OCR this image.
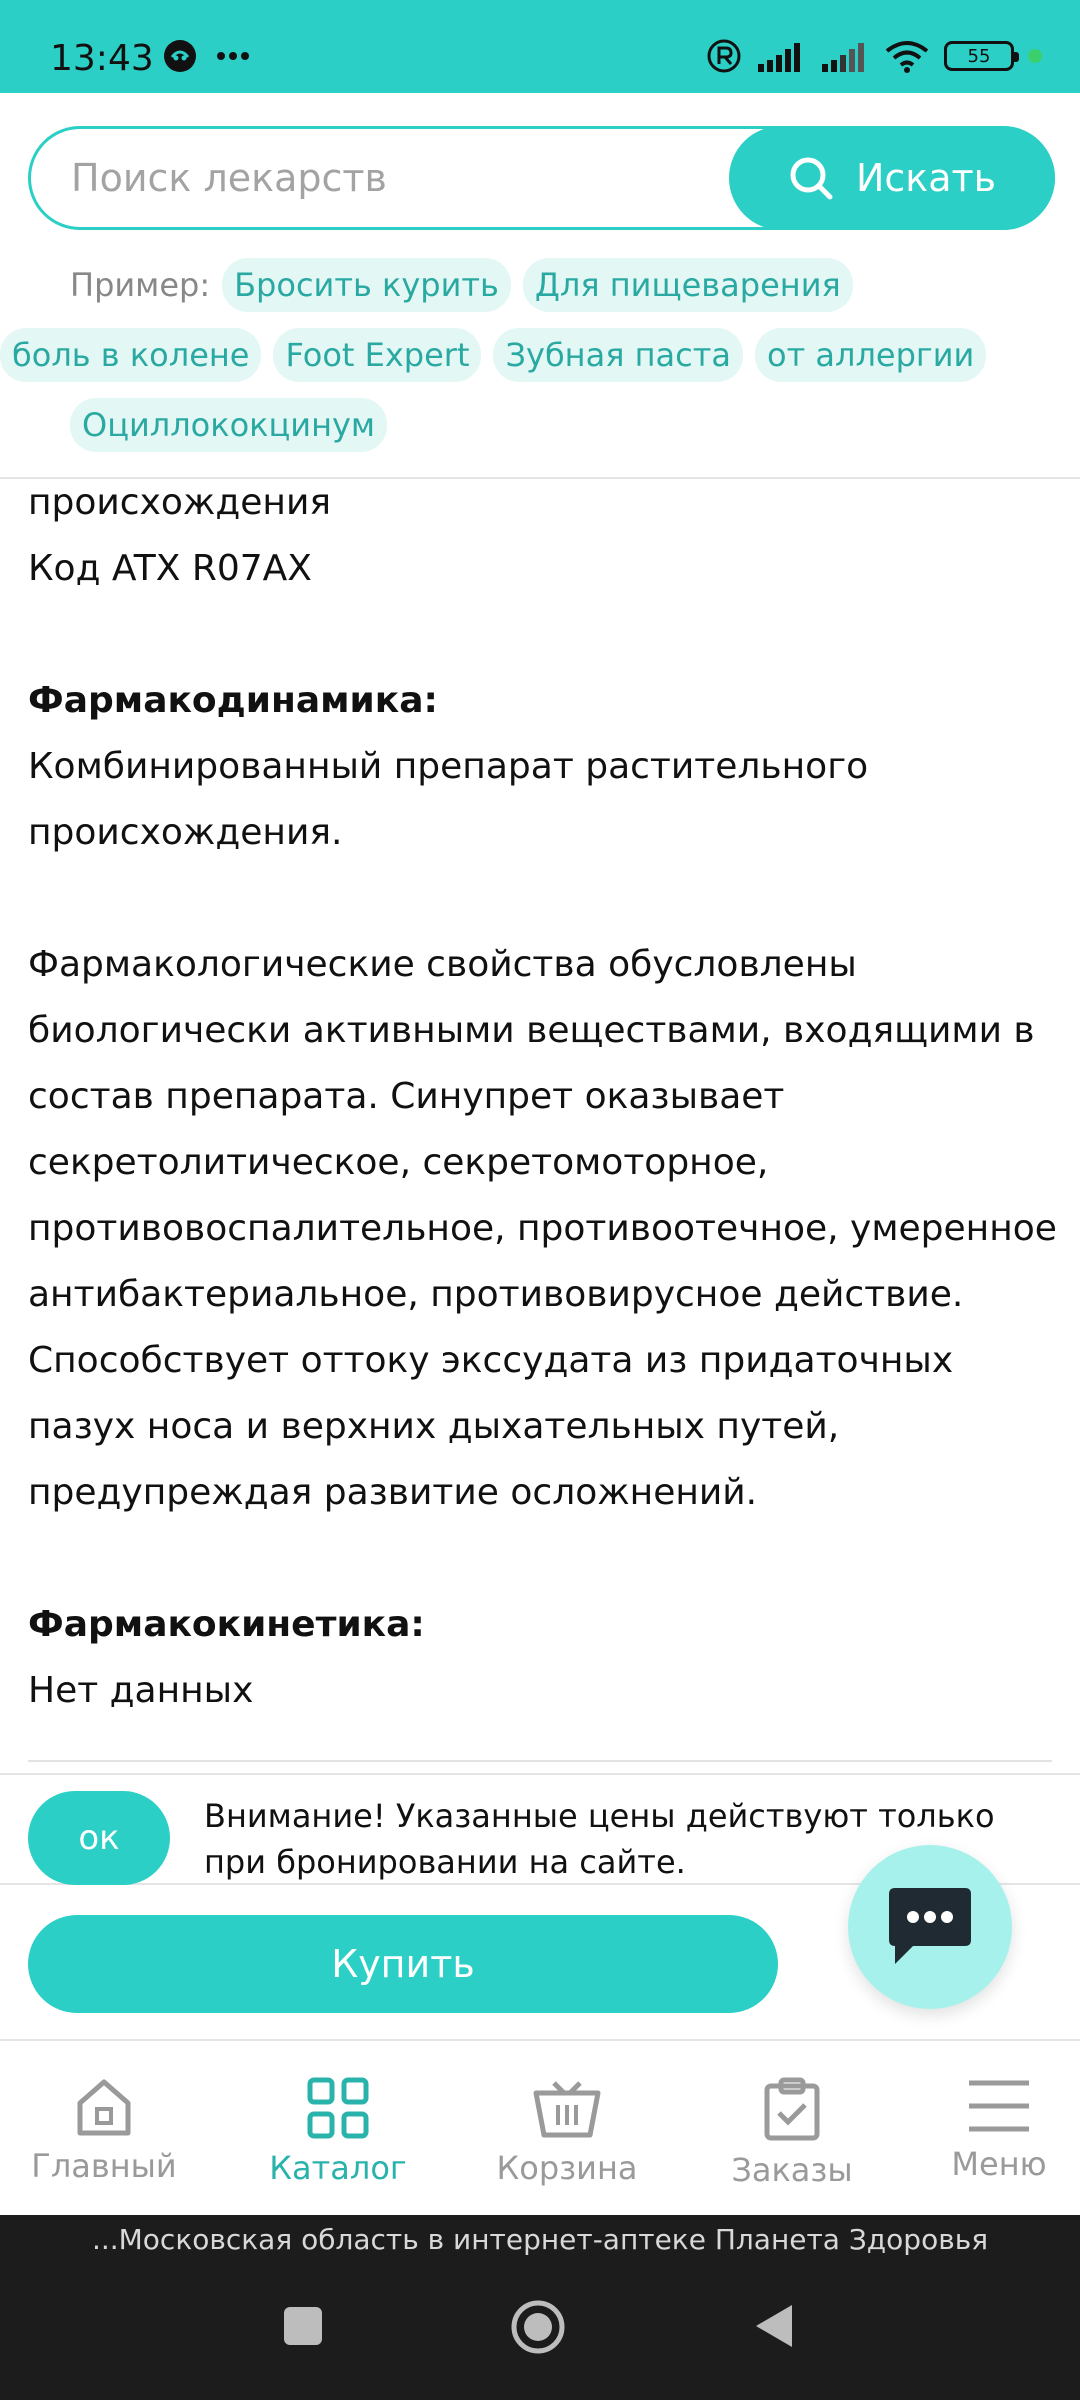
13:43	55
Поиск лекарств
Искать
Пример: Бросить курить	Для пищеварения
боль в колене	Foot Expert	Зубная паста	от аллергии
Оциллококцинум

происхождения

Код ATX R07AX

Фармакодинамика:

Комбинированный препарат растительного происхождения.

Фармакологические свойства обусловлены биологически активными веществами, входящими в состав препарата. Синупрет оказывает секретолитическое, секретомоторное, противовоспалительное, противоотечное, умеренное антибактериальное, противовирусное действие. Способствует оттоку экссудата из придаточных пазух носа и верхних дыхательных путей, предупреждая развитие осложнений.

Фармакокинетика:

Нет данных

ок
Внимание! Указанные цены действуют только при бронировании на сайте.
Купить
Главный	Каталог	Корзина	Заказы	Меню
...Московская область в интернет-аптеке Планета Здоровья
